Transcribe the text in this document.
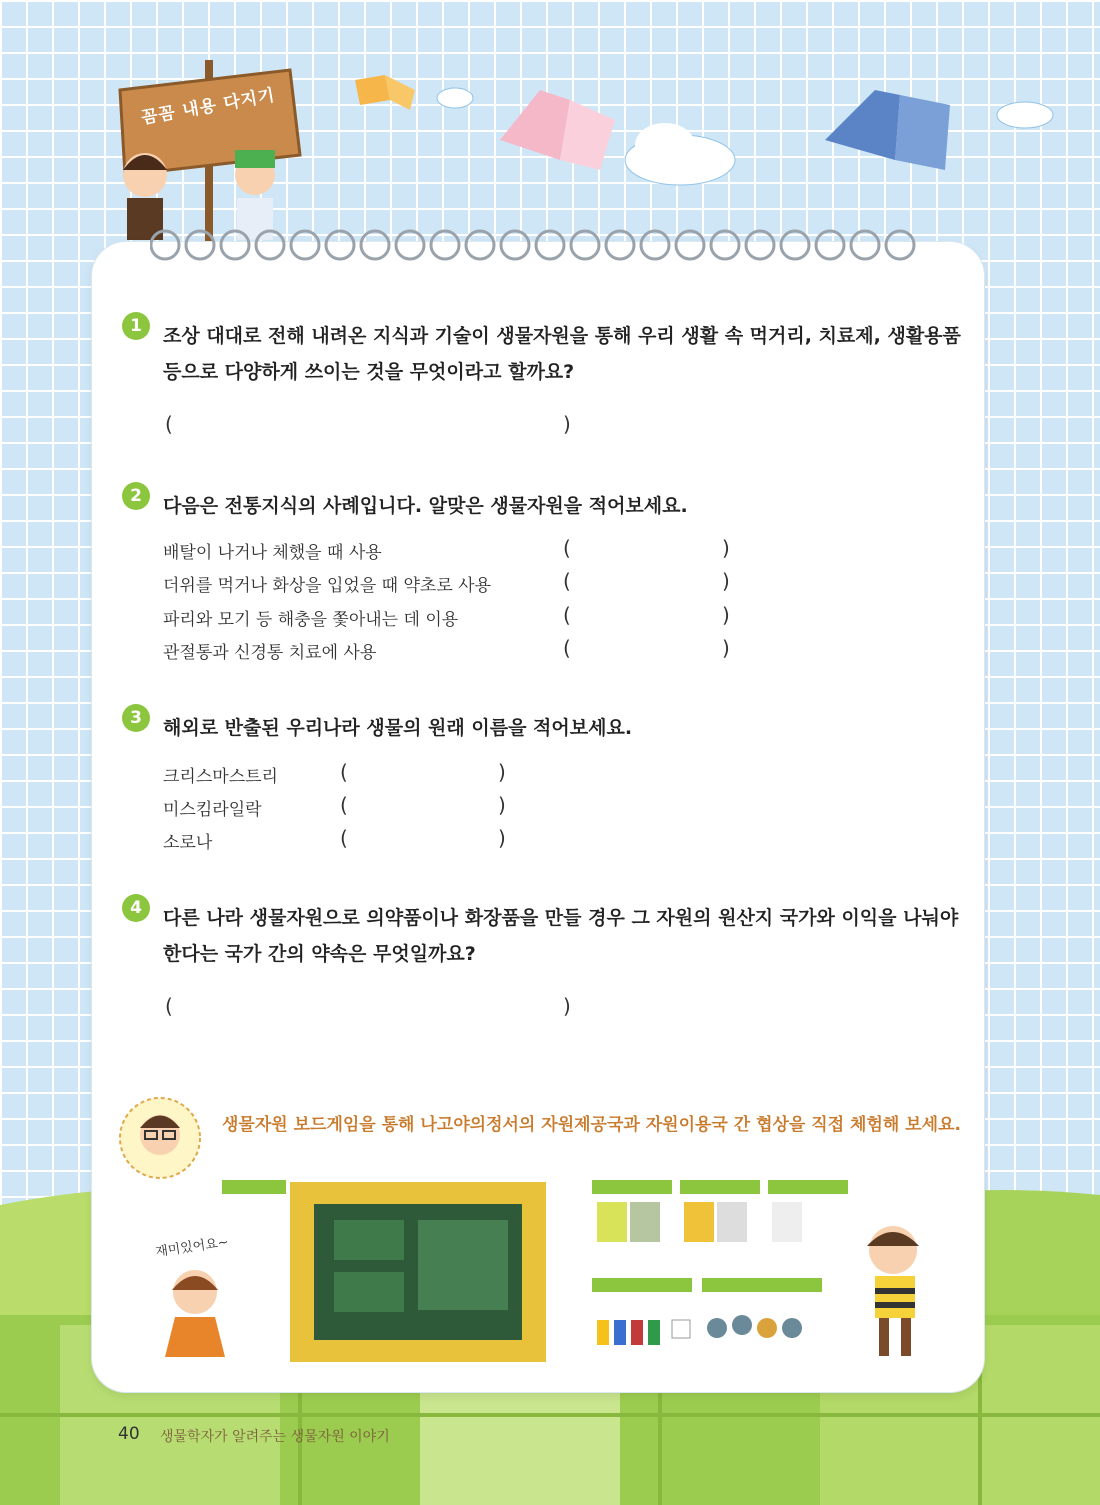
꼼꼼 내용 다지기
1	조상 대대로 전해 내려온 지식과 기술이 생물자원을 통해 우리 생활 속 먹거리, 치료제, 생활용품 등으로 다양하게 쓰이는 것을 무엇이라고 할까요?
(	)
2	다음은 전통지식의 사례입니다. 알맞은 생물자원을 적어보세요.
배탈이 나거나 체했을 때 사용	(	)
더위를 먹거나 화상을 입었을 때 약초로 사용	(	)
파리와 모기 등 해충을 쫓아내는 데 이용	(	)
관절통과 신경통 치료에 사용	(	)
3	해외로 반출된 우리나라 생물의 원래 이름을 적어보세요.
크리스마스트리	(	)
미스킴라일락	(	)
소로나	(	)
4	다른 나라 생물자원으로 의약품이나 화장품을 만들 경우 그 자원의 원산지 국가와 이익을 나눠야 한다는 국가 간의 약속은 무엇일까요?
(	)
생물자원 보드게임을 통해 나고야의정서의 자원제공국과 자원이용국 간 협상을 직접 체험해 보세요.
재미있어요~
40 생물학자가 알려주는 생물자원 이야기
